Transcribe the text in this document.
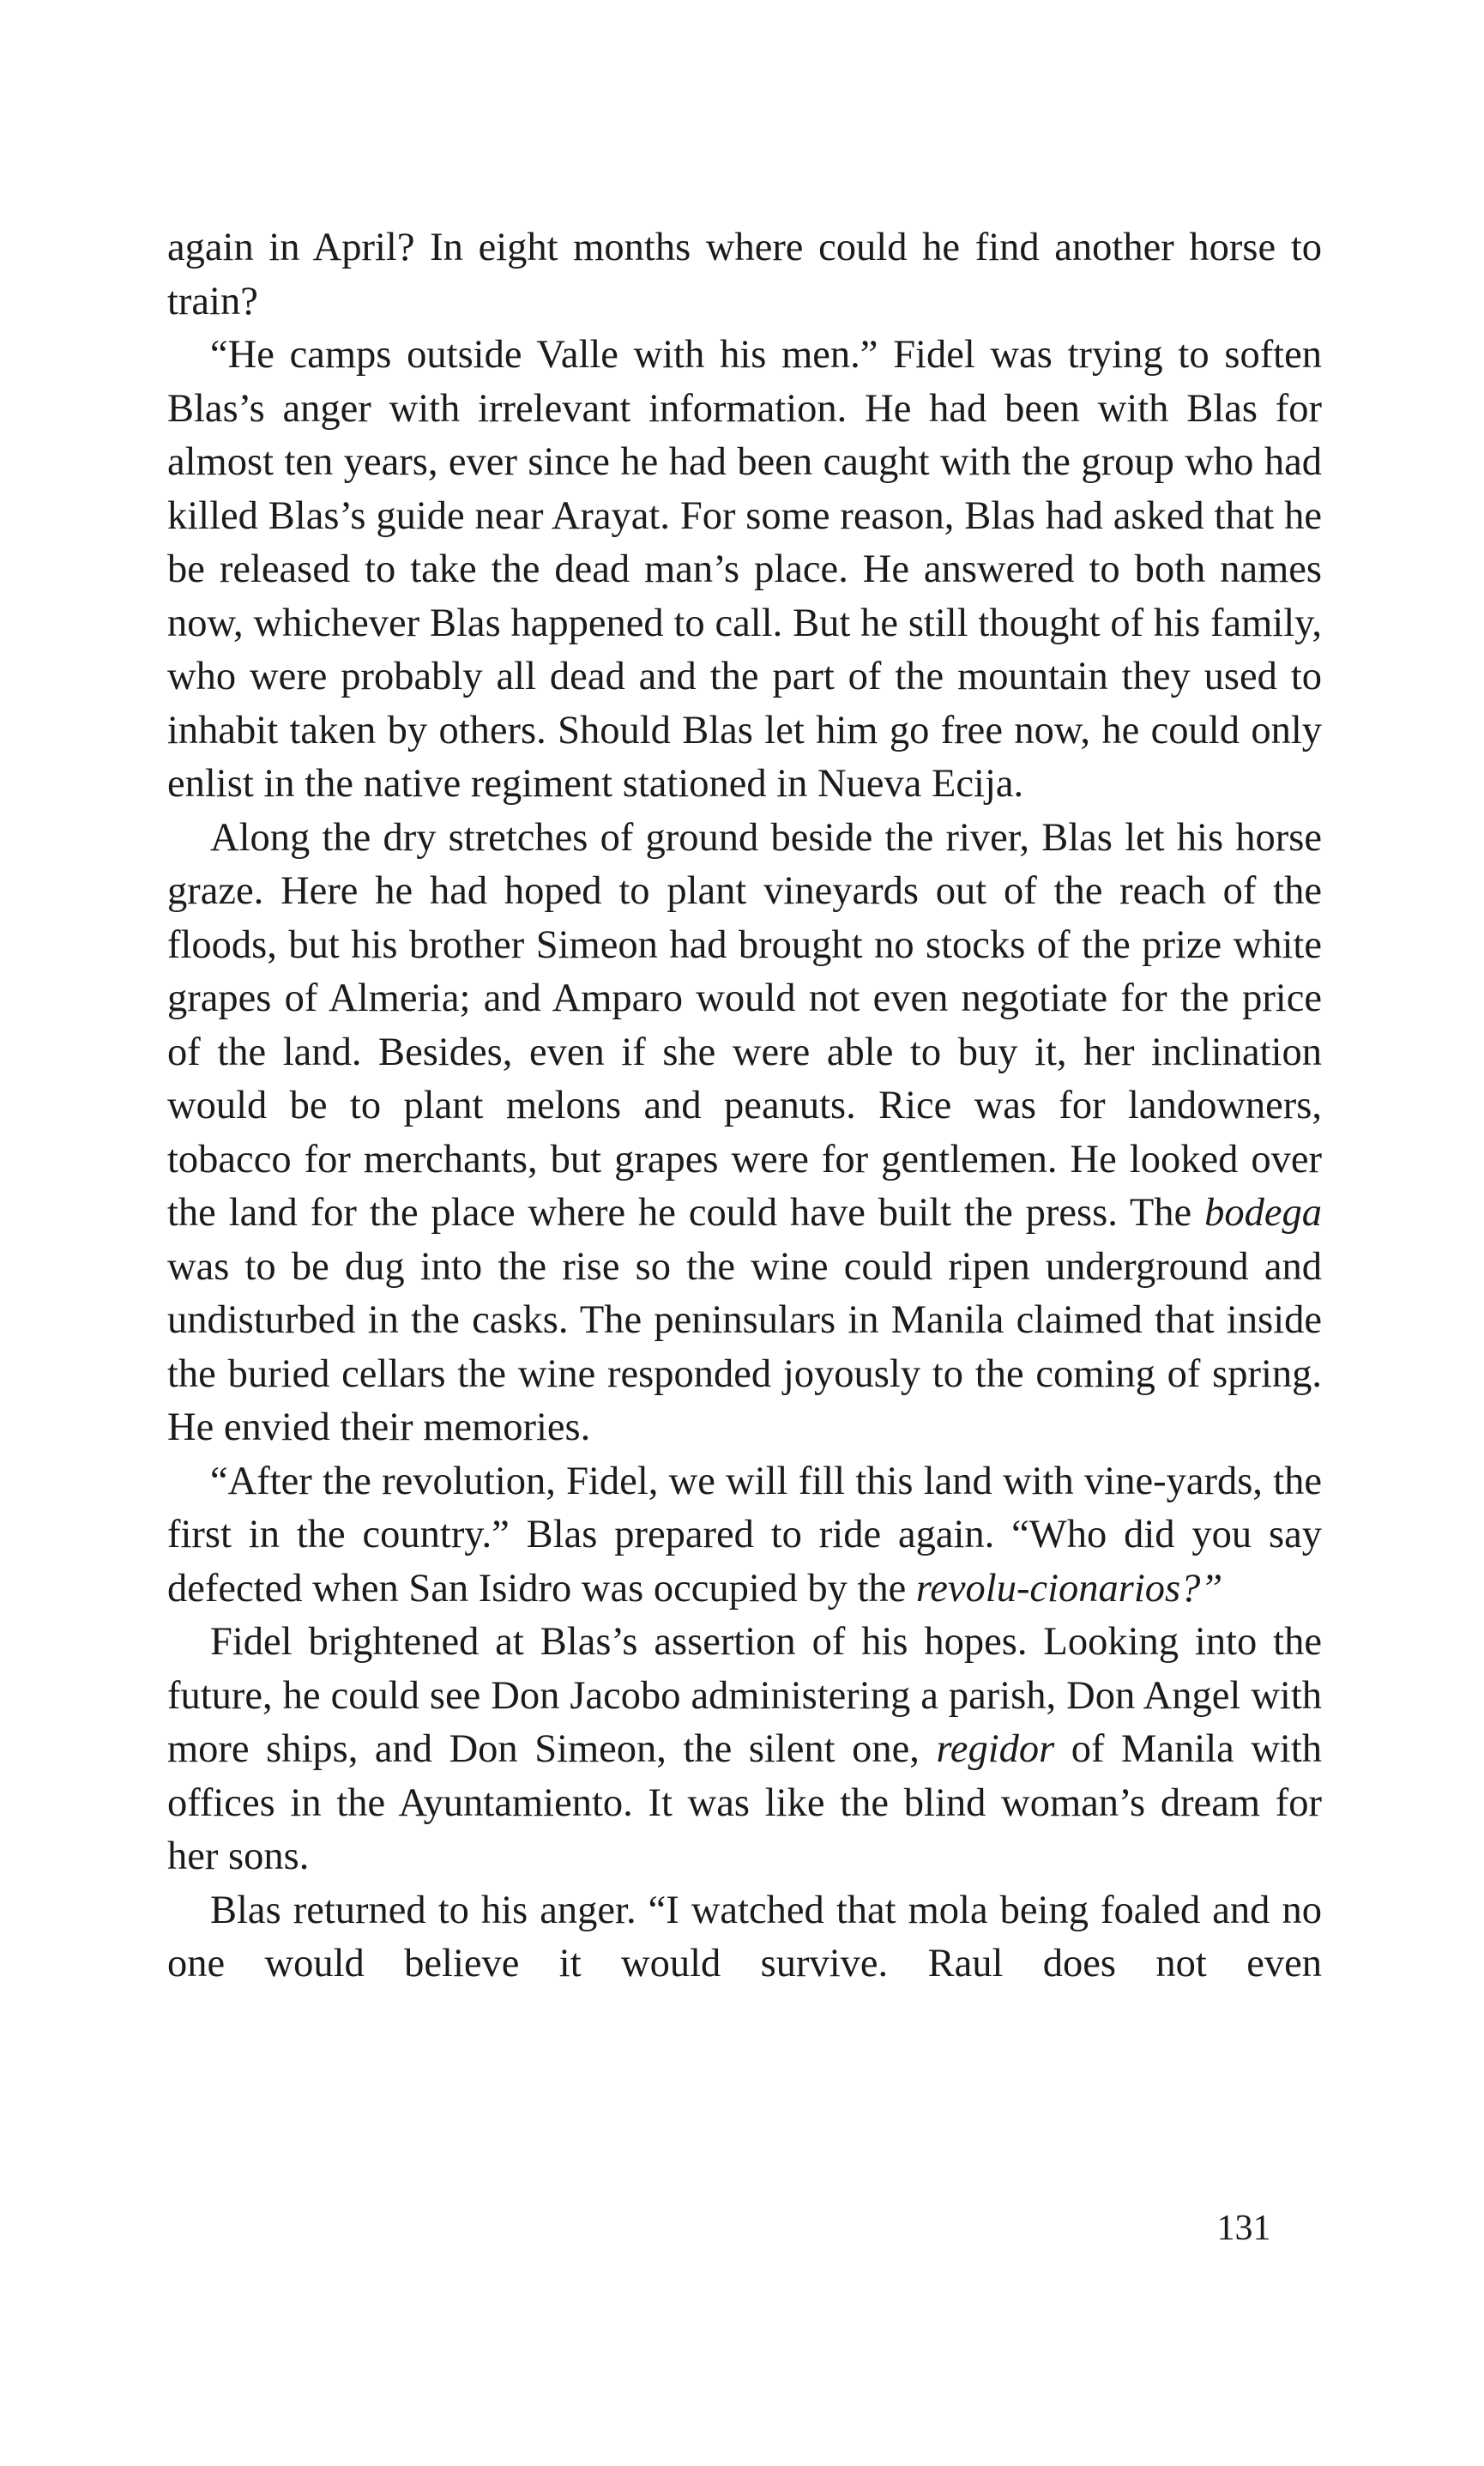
again in April? In eight months where could he find another horse to train?

“He camps outside Valle with his men.” Fidel was trying to soften Blas’s anger with irrelevant information. He had been with Blas for almost ten years, ever since he had been caught with the group who had killed Blas’s guide near Arayat. For some reason, Blas had asked that he be released to take the dead man’s place. He answered to both names now, whichever Blas happened to call. But he still thought of his family, who were probably all dead and the part of the mountain they used to inhabit taken by others. Should Blas let him go free now, he could only enlist in the native regiment stationed in Nueva Ecija.

Along the dry stretches of ground beside the river, Blas let his horse graze. Here he had hoped to plant vineyards out of the reach of the floods, but his brother Simeon had brought no stocks of the prize white grapes of Almeria; and Amparo would not even negotiate for the price of the land. Besides, even if she were able to buy it, her inclination would be to plant melons and peanuts. Rice was for landowners, tobacco for merchants, but grapes were for gentlemen. He looked over the land for the place where he could have built the press. The bodega was to be dug into the rise so the wine could ripen underground and undisturbed in the casks. The peninsulars in Manila claimed that inside the buried cellars the wine responded joyously to the coming of spring. He envied their memories.

“After the revolution, Fidel, we will fill this land with vine-yards, the first in the country.” Blas prepared to ride again. “Who did you say defected when San Isidro was occupied by the revolu-cionarios?”

Fidel brightened at Blas’s assertion of his hopes. Looking into the future, he could see Don Jacobo administering a parish, Don Angel with more ships, and Don Simeon, the silent one, regidor of Manila with offices in the Ayuntamiento. It was like the blind woman’s dream for her sons.

Blas returned to his anger. “I watched that mola being foaled and no one would believe it would survive. Raul does not even

131
